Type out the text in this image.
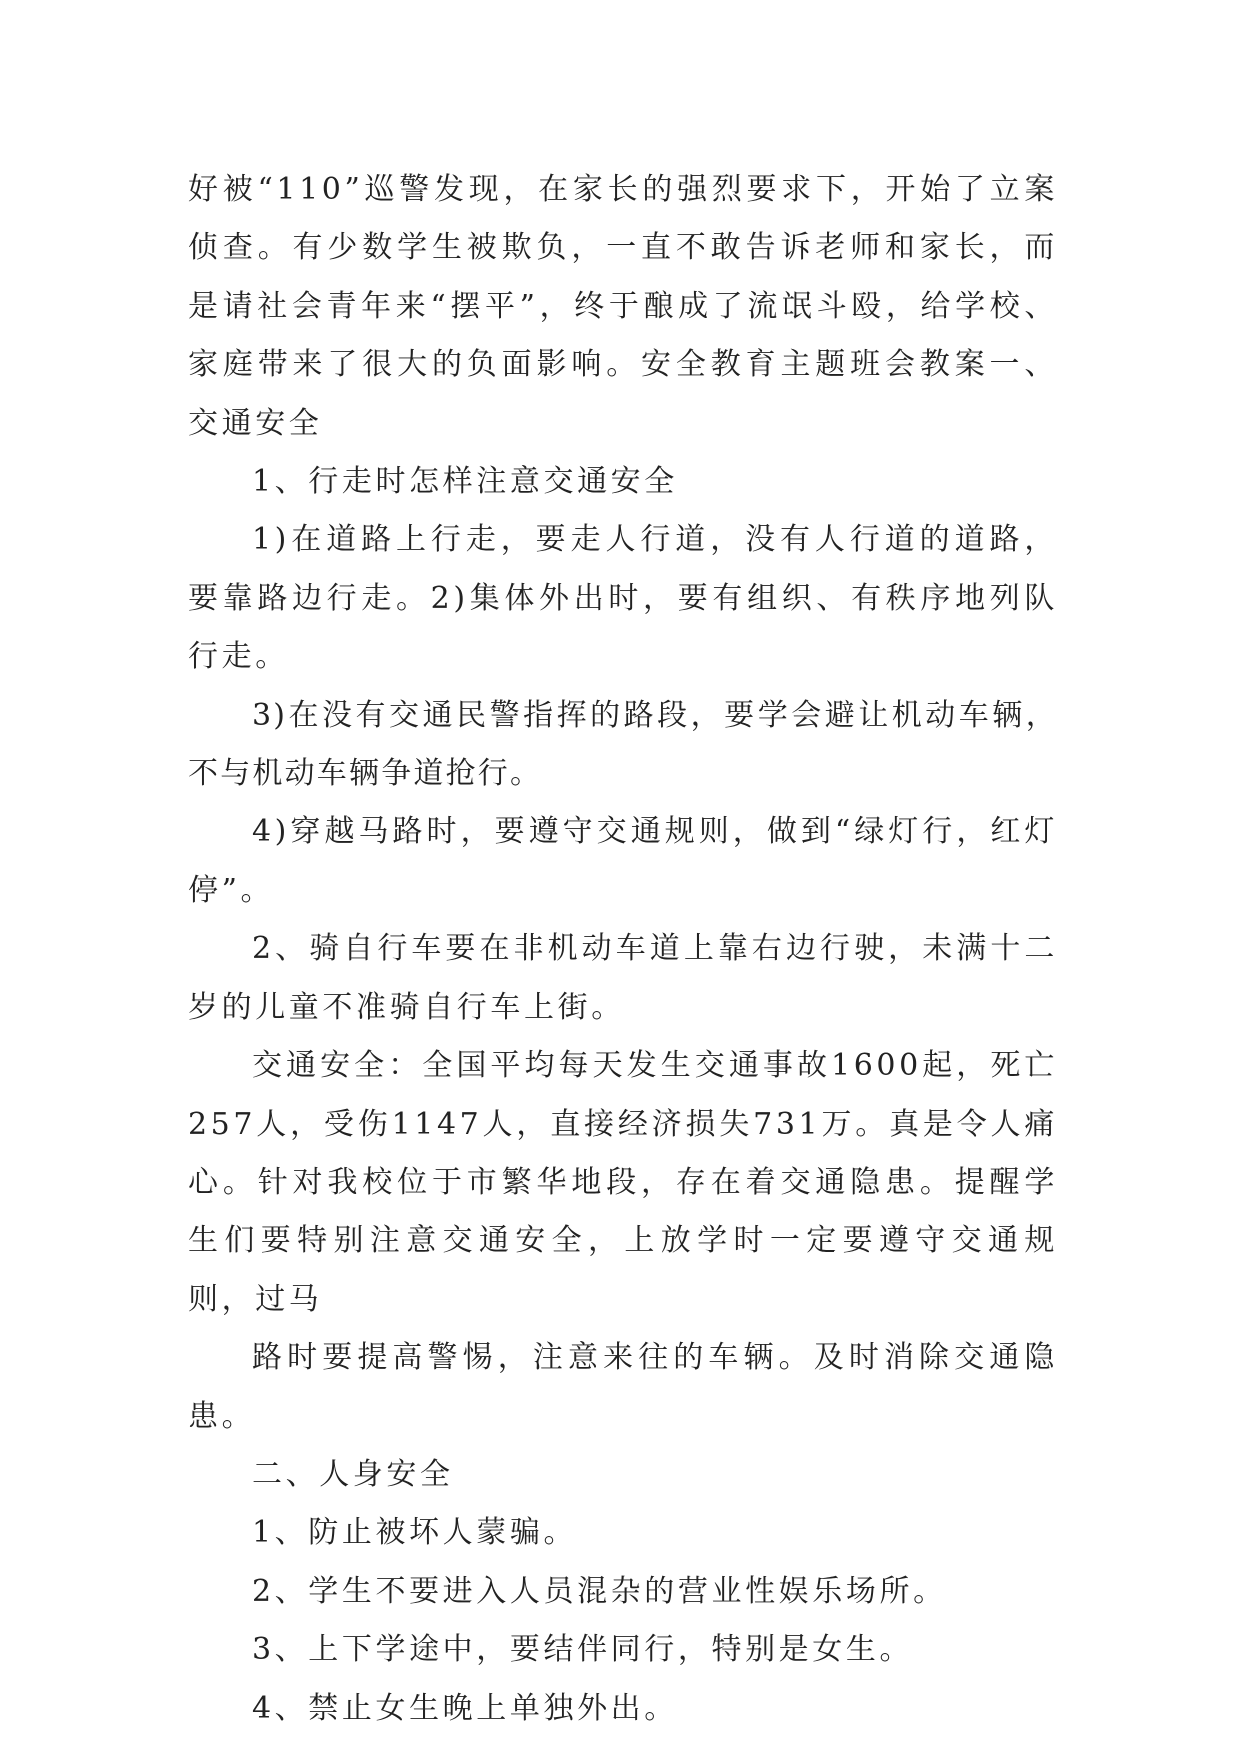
好被“110”巡警发现，在家长的强烈要求下，开始了立案侦查。有少数学生被欺负，一直不敢告诉老师和家长，而是请社会青年来“摆平”，终于酿成了流氓斗殴，给学校、家庭带来了很大的负面影响。安全教育主题班会教案一、交通安全

1、行走时怎样注意交通安全

1)在道路上行走，要走人行道，没有人行道的道路，要靠路边行走。2)集体外出时，要有组织、有秩序地列队行走。

3)在没有交通民警指挥的路段，要学会避让机动车辆，不与机动车辆争道抢行。

4)穿越马路时，要遵守交通规则，做到“绿灯行，红灯停”。

2、骑自行车要在非机动车道上靠右边行驶，未满十二岁的儿童不准骑自行车上街。

交通安全：全国平均每天发生交通事故1600起，死亡257人，受伤1147人，直接经济损失731万。真是令人痛心。针对我校位于市繁华地段，存在着交通隐患。提醒学生们要特别注意交通安全，上放学时一定要遵守交通规则，过马

路时要提高警惕，注意来往的车辆。及时消除交通隐患。

二、人身安全

1、防止被坏人蒙骗。

2、学生不要进入人员混杂的营业性娱乐场所。

3、上下学途中，要结伴同行，特别是女生。

4、禁止女生晚上单独外出。
